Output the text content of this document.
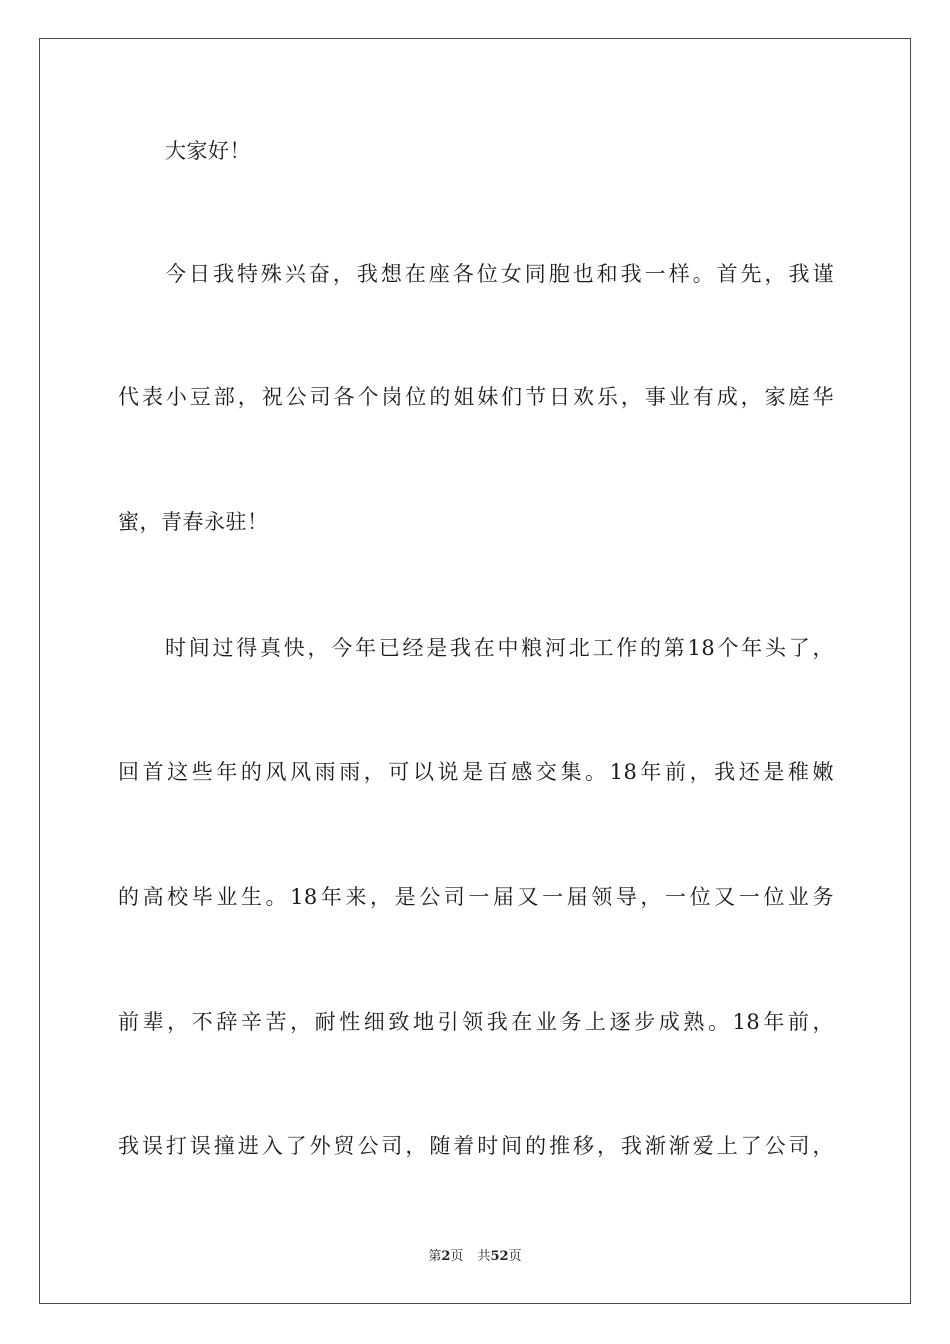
大家好！
今日我特殊兴奋，我想在座各位女同胞也和我一样。首先，我谨
代表小豆部，祝公司各个岗位的姐妹们节日欢乐，事业有成，家庭华
蜜，青春永驻！
时间过得真快，今年已经是我在中粮河北工作的第18个年头了，
回首这些年的风风雨雨，可以说是百感交集。18年前，我还是稚嫩
的高校毕业生。18年来，是公司一届又一届领导，一位又一位业务
前辈，不辞辛苦，耐性细致地引领我在业务上逐步成熟。18年前，
我误打误撞进入了外贸公司，随着时间的推移，我渐渐爱上了公司，
第2页 共52页
